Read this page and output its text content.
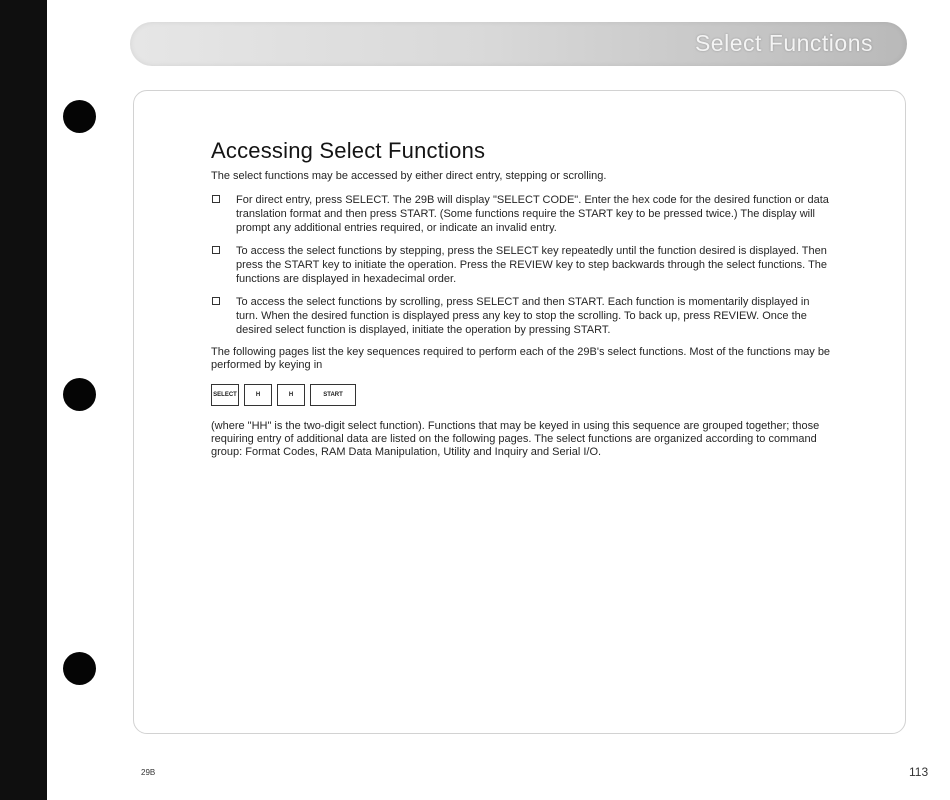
Select Functions
Accessing Select Functions

The select functions may be accessed by either direct entry, stepping or scrolling.

For direct entry, press SELECT. The 29B will display "SELECT CODE". Enter the hex code for the desired function or data translation format and then press START. (Some functions require the START key to be pressed twice.) The display will prompt any additional entries required, or indicate an invalid entry.
To access the select functions by stepping, press the SELECT key repeatedly until the function desired is displayed. Then press the START key to initiate the operation. Press the REVIEW key to step backwards through the select functions. The functions are displayed in hexadecimal order.
To access the select functions by scrolling, press SELECT and then START. Each function is momentarily displayed in turn. When the desired function is displayed press any key to stop the scrolling. To back up, press REVIEW. Once the desired select function is displayed, initiate the operation by pressing START.

The following pages list the key sequences required to perform each of the 29B's select functions. Most of the functions may be performed by keying in

SELECT	H	H	START

(where "HH" is the two-digit select function). Functions that may be keyed in using this sequence are grouped together; those requiring entry of additional data are listed on the following pages. The select functions are organized according to command group: Format Codes, RAM Data Manipulation, Utility and Inquiry and Serial I/O.

29B	113
